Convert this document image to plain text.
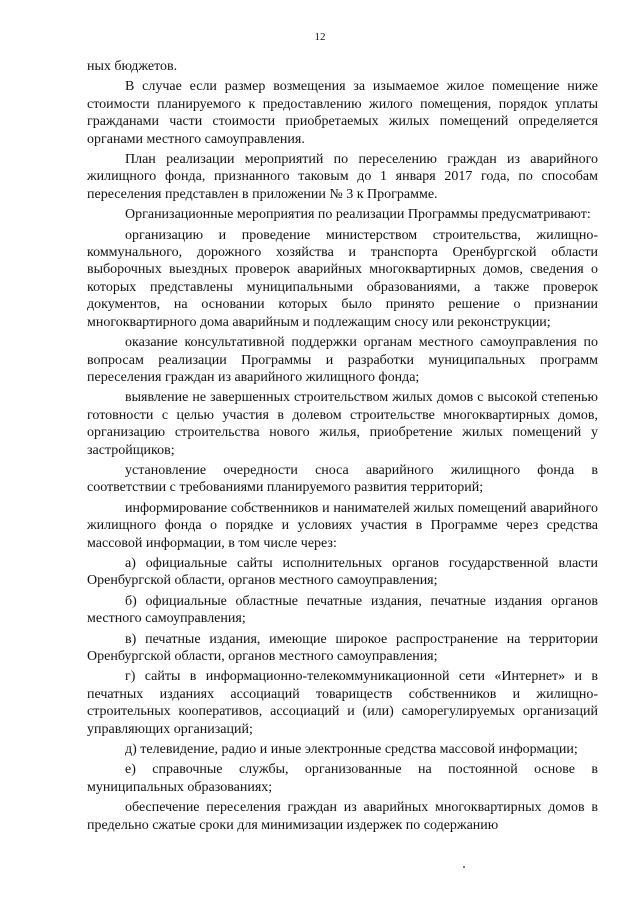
12

ных бюджетов.

В случае если размер возмещения за изымаемое жилое помещение ниже стоимости планируемого к предоставлению жилого помещения, порядок уплаты гражданами части стоимости приобретаемых жилых помещений определяется органами местного самоуправления.

План реализации мероприятий по переселению граждан из аварийного жилищного фонда, признанного таковым до 1 января 2017 года, по способам переселения представлен в приложении № 3 к Программе.

Организационные мероприятия по реализации Программы предусматривают:

организацию и проведение министерством строительства, жилищно-коммунального, дорожного хозяйства и транспорта Оренбургской области выборочных выездных проверок аварийных многоквартирных домов, сведения о которых представлены муниципальными образованиями, а также проверок документов, на основании которых было принято решение о признании многоквартирного дома аварийным и подлежащим сносу или реконструкции;

оказание консультативной поддержки органам местного самоуправления по вопросам реализации Программы и разработки муниципальных программ переселения граждан из аварийного жилищного фонда;

выявление не завершенных строительством жилых домов с высокой степенью готовности с целью участия в долевом строительстве многоквартирных домов, организацию строительства нового жилья, приобретение жилых помещений у застройщиков;

установление очередности сноса аварийного жилищного фонда в соответствии с требованиями планируемого развития территорий;

информирование собственников и нанимателей жилых помещений аварийного жилищного фонда о порядке и условиях участия в Программе через средства массовой информации, в том числе через:

а) официальные сайты исполнительных органов государственной власти Оренбургской области, органов местного самоуправления;

б) официальные областные печатные издания, печатные издания органов местного самоуправления;

в) печатные издания, имеющие широкое распространение на территории Оренбургской области, органов местного самоуправления;

г) сайты в информационно-телекоммуникационной сети «Интернет» и в печатных изданиях ассоциаций товариществ собственников и жилищно-строительных кооперативов, ассоциаций и (или) саморегулируемых организаций управляющих организаций;

д) телевидение, радио и иные электронные средства массовой информации;

е) справочные службы, организованные на постоянной основе в муниципальных образованиях;

обеспечение переселения граждан из аварийных многоквартирных домов в предельно сжатые сроки для минимизации издержек по содержанию
